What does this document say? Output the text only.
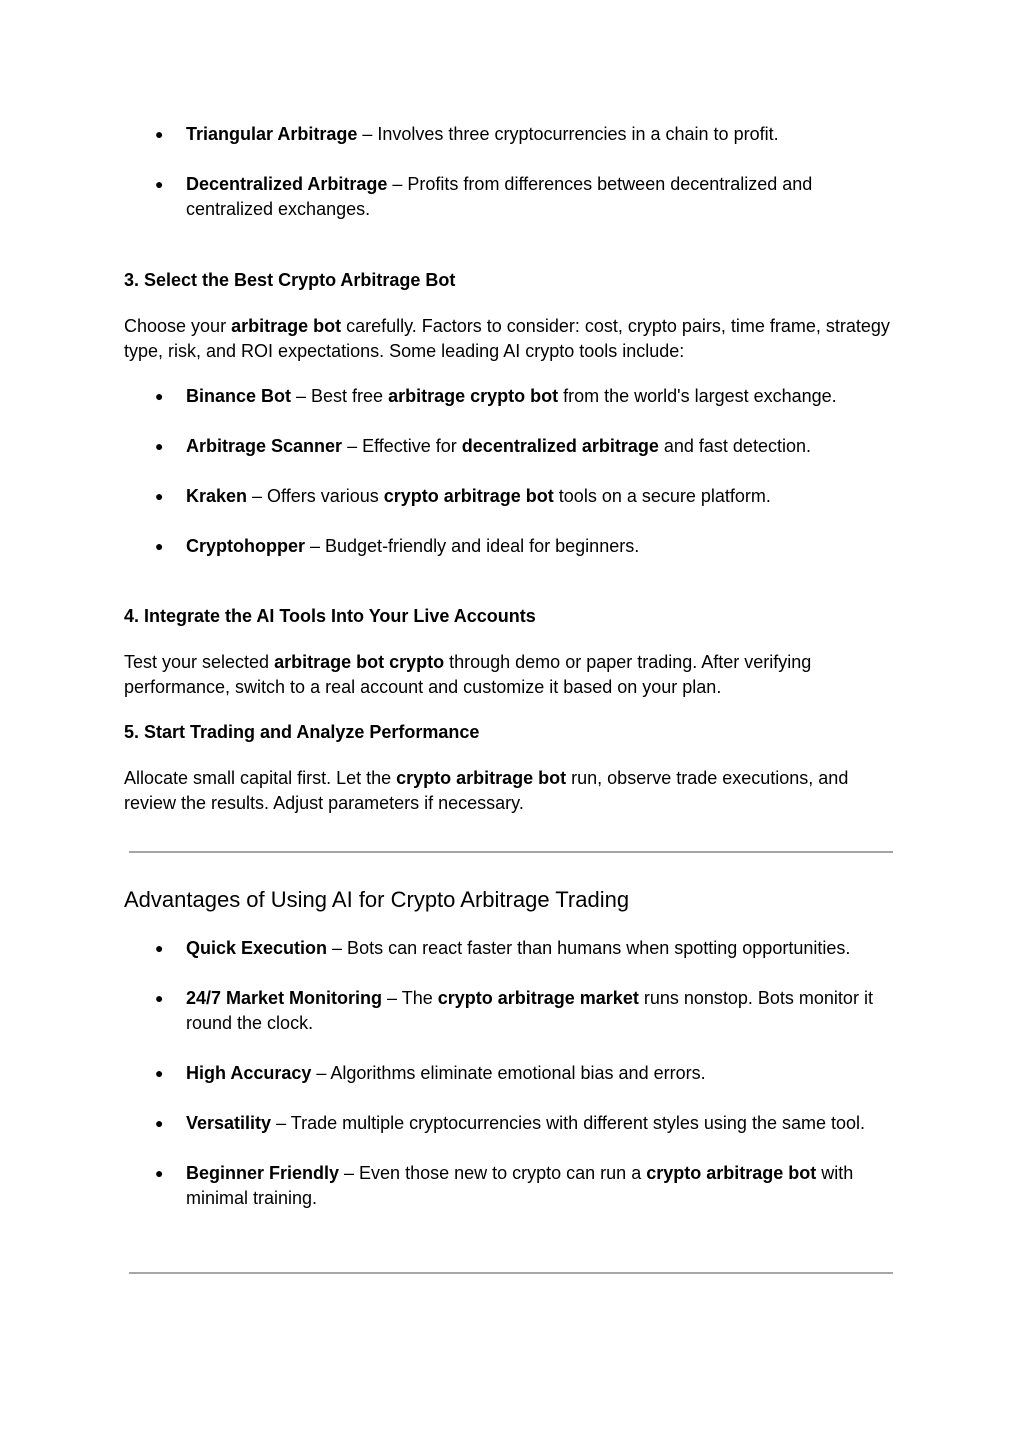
● Triangular Arbitrage – Involves three cryptocurrencies in a chain to profit.
● Decentralized Arbitrage – Profits from differences between decentralized and centralized exchanges.
3. Select the Best Crypto Arbitrage Bot
Choose your arbitrage bot carefully. Factors to consider: cost, crypto pairs, time frame, strategy type, risk, and ROI expectations. Some leading AI crypto tools include:
● Binance Bot – Best free arbitrage crypto bot from the world's largest exchange.
● Arbitrage Scanner – Effective for decentralized arbitrage and fast detection.
● Kraken – Offers various crypto arbitrage bot tools on a secure platform.
● Cryptohopper – Budget-friendly and ideal for beginners.
4. Integrate the AI Tools Into Your Live Accounts
Test your selected arbitrage bot crypto through demo or paper trading. After verifying performance, switch to a real account and customize it based on your plan.
5. Start Trading and Analyze Performance
Allocate small capital first. Let the crypto arbitrage bot run, observe trade executions, and review the results. Adjust parameters if necessary.
Advantages of Using AI for Crypto Arbitrage Trading
● Quick Execution – Bots can react faster than humans when spotting opportunities.
● 24/7 Market Monitoring – The crypto arbitrage market runs nonstop. Bots monitor it round the clock.
● High Accuracy – Algorithms eliminate emotional bias and errors.
● Versatility – Trade multiple cryptocurrencies with different styles using the same tool.
● Beginner Friendly – Even those new to crypto can run a crypto arbitrage bot with minimal training.
